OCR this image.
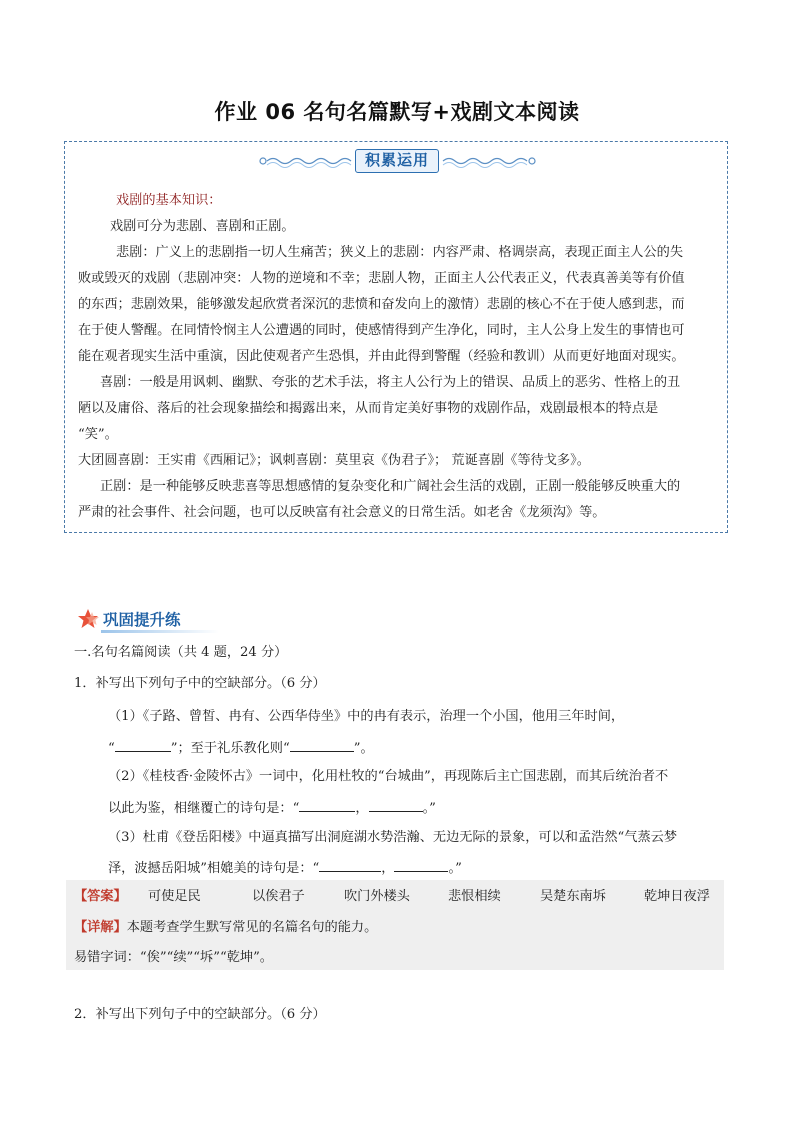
作业 06 名句名篇默写+戏剧文本阅读
积累运用

戏剧的基本知识：

戏剧可分为悲剧、喜剧和正剧。

悲剧：广义上的悲剧指一切人生痛苦；狭义上的悲剧：内容严肃、格调崇高，表现正面主人公的失

败或毁灭的戏剧（悲剧冲突：人物的逆境和不幸；悲剧人物，正面主人公代表正义，代表真善美等有价值

的东西；悲剧效果，能够激发起欣赏者深沉的悲愤和奋发向上的激情）悲剧的核心不在于使人感到悲，而

在于使人警醒。在同情怜悯主人公遭遇的同时，使感情得到产生净化，同时，主人公身上发生的事情也可

能在观者现实生活中重演，因此使观者产生恐惧，并由此得到警醒（经验和教训）从而更好地面对现实。

喜剧：一般是用讽刺、幽默、夸张的艺术手法，将主人公行为上的错误、品质上的恶劣、性格上的丑

陋以及庸俗、落后的社会现象描绘和揭露出来，从而肯定美好事物的戏剧作品，戏剧最根本的特点是

“笑”。

大团圆喜剧：王实甫《西厢记》；讽刺喜剧：莫里哀《伪君子》； 荒诞喜剧《等待戈多》。

正剧：是一种能够反映悲喜等思想感情的复杂变化和广阔社会生活的戏剧，正剧一般能够反映重大的

严肃的社会事件、社会问题，也可以反映富有社会意义的日常生活。如老舍《龙须沟》等。

巩固提升练
一.名句名篇阅读（共 4 题，24 分）
1．补写出下列句子中的空缺部分。（6 分）
（1）《子路、曾皙、冉有、公西华侍坐》中的冉有表示，治理一个小国，他用三年时间，
“	”；至于礼乐教化则“	”。
（2）《桂枝香·金陵怀古》一词中，化用杜牧的“台城曲”，再现陈后主亡国悲剧，而其后统治者不
以此为鉴，相继覆亡的诗句是：“	，	。”
（3）杜甫《登岳阳楼》中逼真描写出洞庭湖水势浩瀚、无边无际的景象，可以和孟浩然“气蒸云梦
泽，波撼岳阳城”相媲美的诗句是：“	，	。”
【答案】 可使足民	以俟君子	吹门外楼头	悲恨相续	吴楚东南坼	乾坤日夜浮
【详解】本题考查学生默写常见的名篇名句的能力。
易错字词：“俟”“续”“坼”“乾坤”。
2．补写出下列句子中的空缺部分。（6 分）
